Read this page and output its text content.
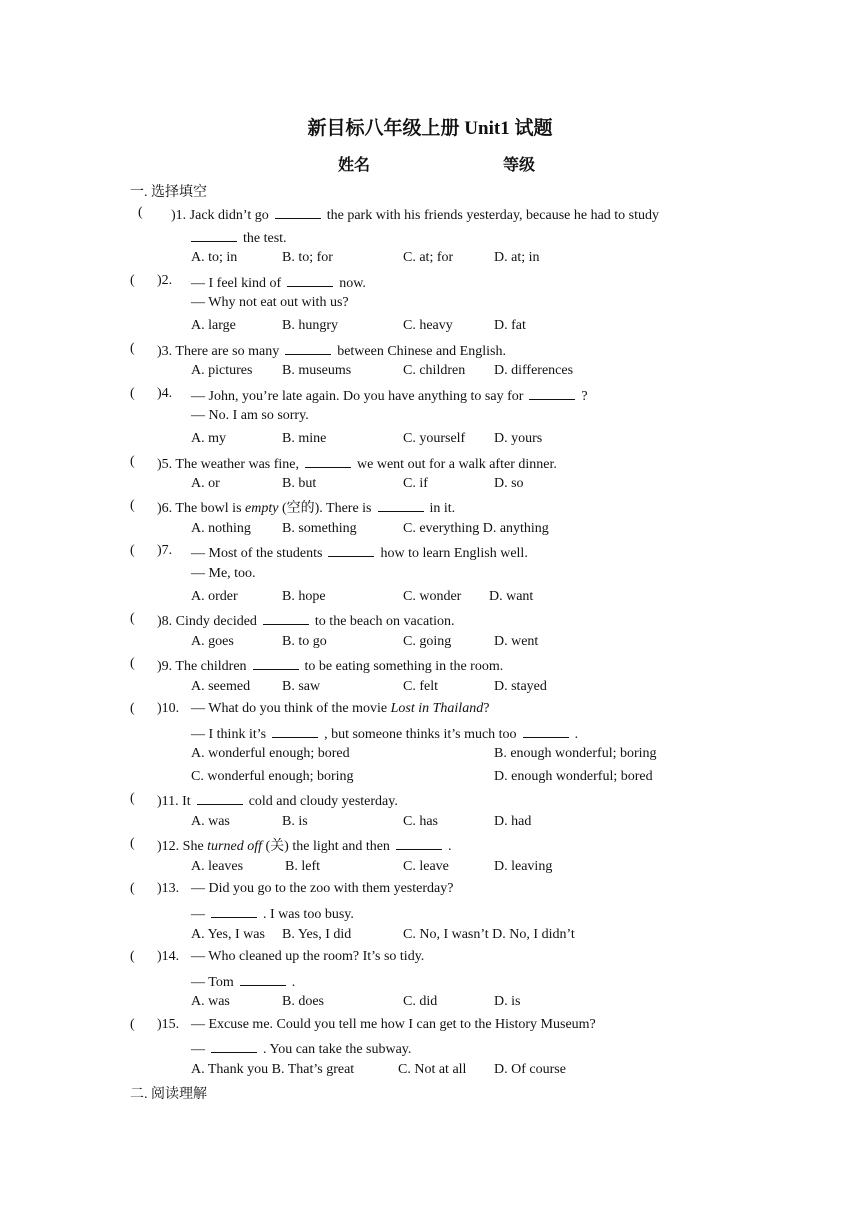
新目标八年级上册 Unit1 试题
姓名	等级
一. 选择填空
( )1. Jack didn’t go	the park with his friends yesterday, because he had to study
the test.
A. to; in	B. to; for	C. at; for	D. at; in
( )2. — I feel kind of	now.
— Why not eat out with us?
A. large	B. hungry	C. heavy	D. fat
( )3. There are so many	between Chinese and English.
A. pictures B. museums	C. children D. differences
( )4. — John, you’re late again. Do you have anything to say for	?
— No. I am so sorry.
A. my	B. mine	C. yourself D. yours
( )5. The weather was fine,	we went out for a walk after dinner.
A. or	B. but	C. if	D. so
( )6. The bowl is empty (空的). There is	in it.
A. nothing B. something	C. everything D. anything
( )7. — Most of the students	how to learn English well.
— Me, too.
A. order	B. hope	C. wonder D. want
( )8. Cindy decided	to the beach on vacation.
A. goes	B. to go	C. going	D. went
( )9. The children	to be eating something in the room.
A. seemed B. saw	C. felt	D. stayed
( )10. — What do you think of the movie Lost in Thailand?
— I think it’s	, but someone thinks it’s much too	.
A. wonderful enough; bored	B. enough wonderful; boring
C. wonderful enough; boring	D. enough wonderful; bored
( )11. It	cold and cloudy yesterday.
A. was	B. is	C. has	D. had
( )12. She turned off (关) the light and then	.
A. leaves	B. left	C. leave	D. leaving
( )13. — Did you go to the zoo with them yesterday?
—	. I was too busy.
A. Yes, I was B. Yes, I did	C. No, I wasn’t D. No, I didn’t
( )14. — Who cleaned up the room? It’s so tidy.
— Tom	.
A. was	B. does	C. did	D. is
( )15. — Excuse me. Could you tell me how I can get to the History Museum?
—	. You can take the subway.
A. Thank you B. That’s great	C. Not at all D. Of course
二. 阅读理解
